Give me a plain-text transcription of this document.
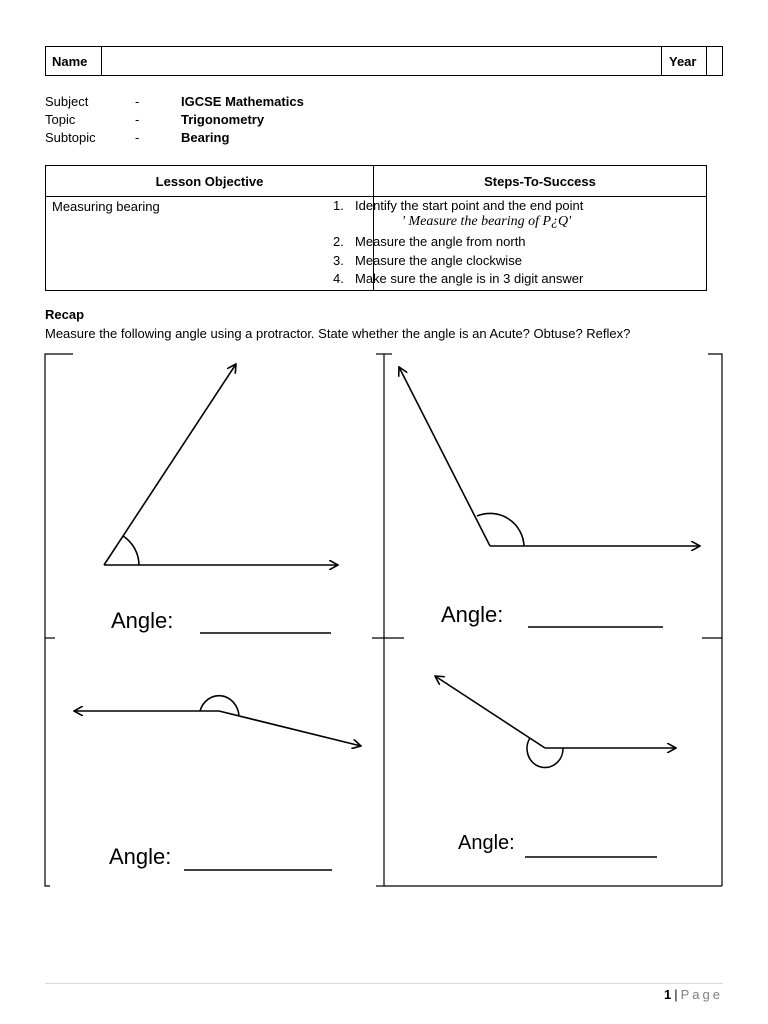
Name	Year
Subject	-	IGCSE Mathematics
Topic	-	Trigonometry
Subtopic	-	Bearing
Lesson Objective	Steps-To-Success
Measuring bearing	1. Identify the start point and the end point
' Measure the bearing of P¿Q'
2. Measure the angle from north
3. Measure the angle clockwise
4. Make sure the angle is in 3 digit answer
Recap
Measure the following angle using a protractor. State whether the angle is an Acute? Obtuse? Reflex?
Angle:	Angle:
Angle:
Angle:
1 | Page
